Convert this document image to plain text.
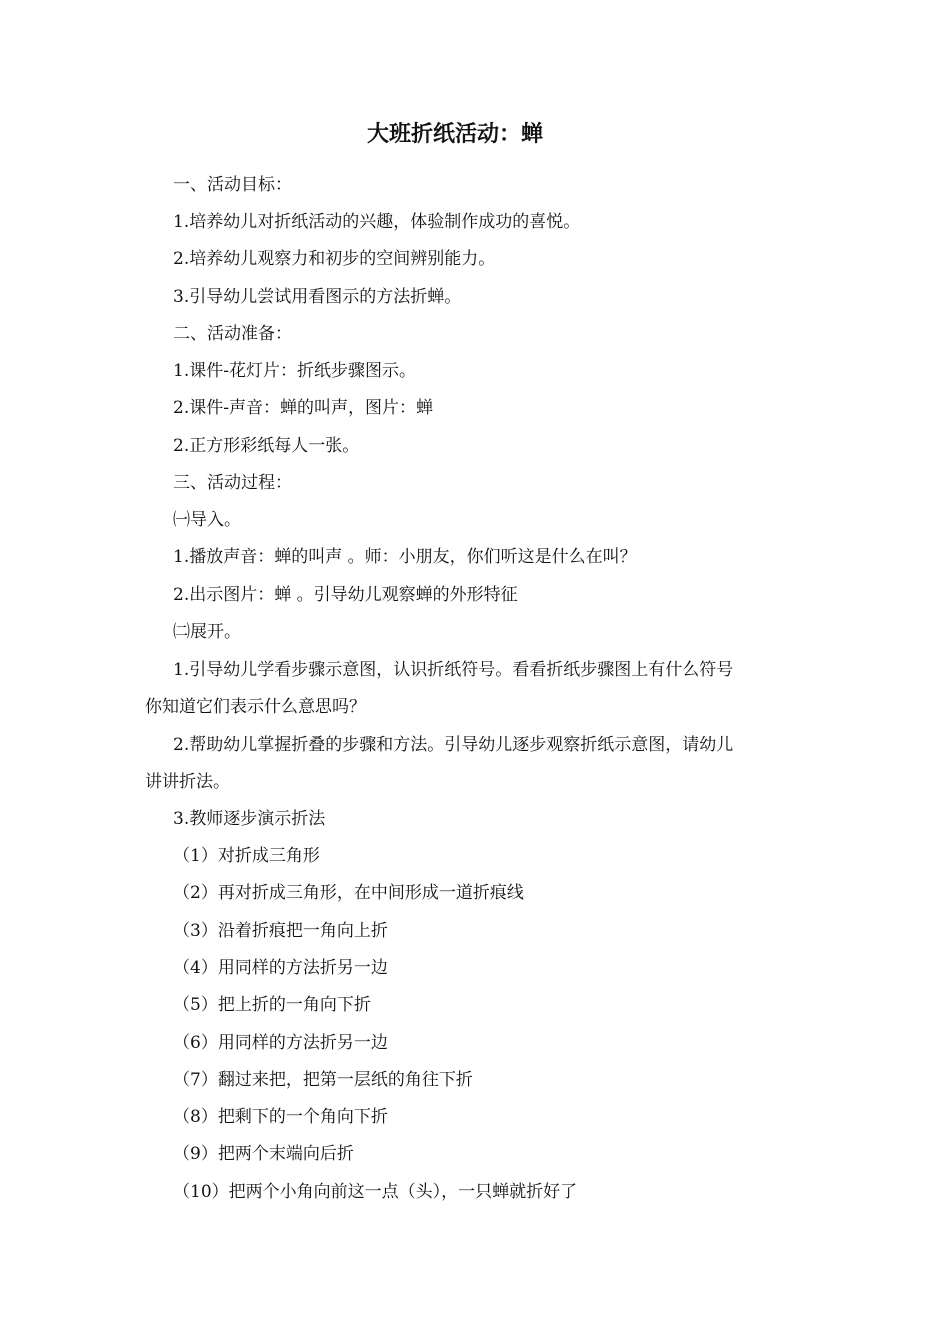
大班折纸活动：蝉
一、活动目标：
1.培养幼儿对折纸活动的兴趣，体验制作成功的喜悦。
2.培养幼儿观察力和初步的空间辨别能力。
3.引导幼儿尝试用看图示的方法折蝉。
二、活动准备：
1.课件-花灯片：折纸步骤图示。
2.课件-声音：蝉的叫声，图片：蝉
2.正方形彩纸每人一张。
三、活动过程：
㈠导入。
1.播放声音：蝉的叫声 。师：小朋友，你们听这是什么在叫？
2.出示图片：蝉 。引导幼儿观察蝉的外形特征
㈡展开。
1.引导幼儿学看步骤示意图，认识折纸符号。看看折纸步骤图上有什么符号
你知道它们表示什么意思吗？
2.帮助幼儿掌握折叠的步骤和方法。引导幼儿逐步观察折纸示意图，请幼儿
讲讲折法。
3.教师逐步演示折法
（1）对折成三角形
（2）再对折成三角形，在中间形成一道折痕线
（3）沿着折痕把一角向上折
（4）用同样的方法折另一边
（5）把上折的一角向下折
（6）用同样的方法折另一边
（7）翻过来把，把第一层纸的角往下折
（8）把剩下的一个角向下折
（9）把两个末端向后折
（10）把两个小角向前这一点（头），一只蝉就折好了
